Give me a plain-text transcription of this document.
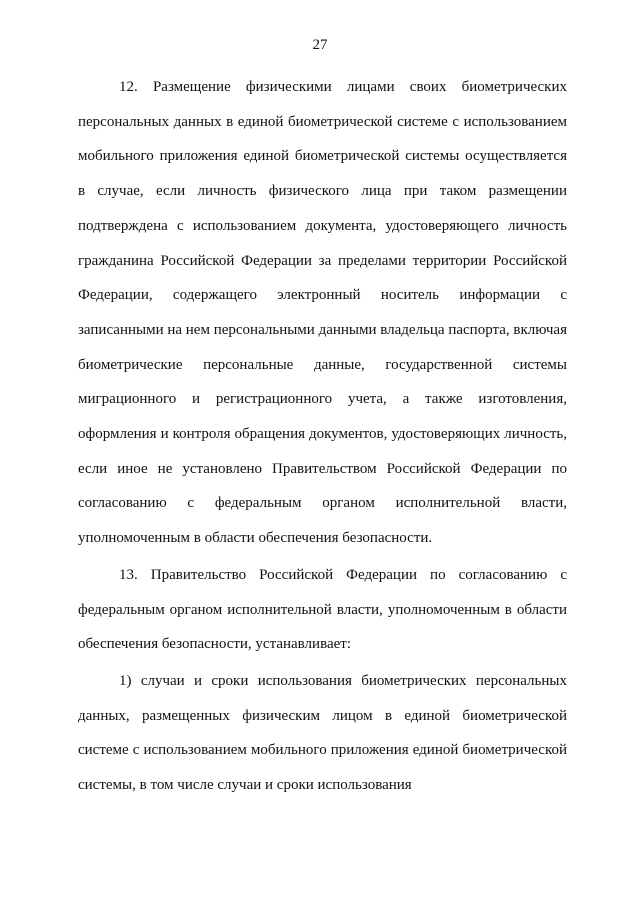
27

12. Размещение физическими лицами своих биометрических персональных данных в единой биометрической системе с использованием мобильного приложения единой биометрической системы осуществляется в случае, если личность физического лица при таком размещении подтверждена с использованием документа, удостоверяющего личность гражданина Российской Федерации за пределами территории Российской Федерации, содержащего электронный носитель информации с записанными на нем персональными данными владельца паспорта, включая биометрические персональные данные, государственной системы миграционного и регистрационного учета, а также изготовления, оформления и контроля обращения документов, удостоверяющих личность, если иное не установлено Правительством Российской Федерации по согласованию с федеральным органом исполнительной власти, уполномоченным в области обеспечения безопасности.

13. Правительство Российской Федерации по согласованию с федеральным органом исполнительной власти, уполномоченным в области обеспечения безопасности, устанавливает:

1) случаи и сроки использования биометрических персональных данных, размещенных физическим лицом в единой биометрической системе с использованием мобильного приложения единой биометрической системы, в том числе случаи и сроки использования
